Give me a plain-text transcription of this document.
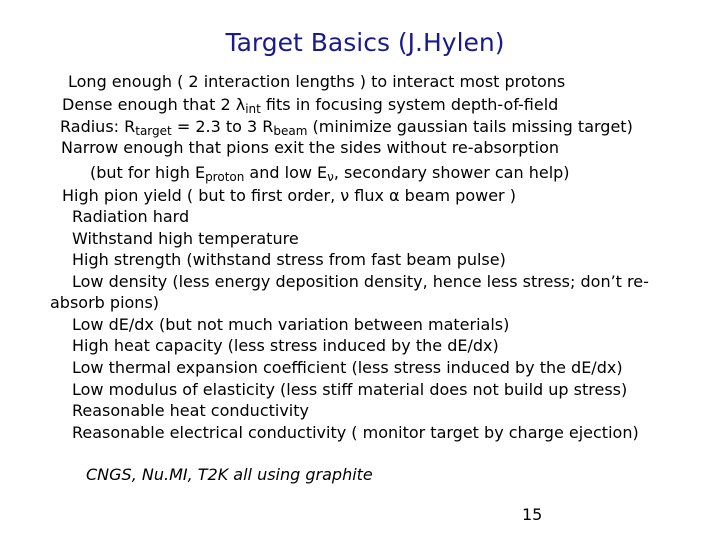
Target Basics (J.Hylen)
Long enough ( 2 interaction lengths ) to interact most protons
Dense enough that 2 λint fits in focusing system depth-of-field
Radius: Rtarget = 2.3 to 3 Rbeam (minimize gaussian tails missing target)
Narrow enough that pions exit the sides without re-absorption
(but for high Eproton and low Eν, secondary shower can help)
High pion yield ( but to first order, ν flux α beam power )
Radiation hard
Withstand high temperature
High strength (withstand stress from fast beam pulse)
Low density (less energy deposition density, hence less stress; don’t re-
absorb pions)
Low dE/dx (but not much variation between materials)
High heat capacity (less stress induced by the dE/dx)
Low thermal expansion coefficient (less stress induced by the dE/dx)
Low modulus of elasticity (less stiff material does not build up stress)
Reasonable heat conductivity
Reasonable electrical conductivity ( monitor target by charge ejection)
CNGS, Nu.MI, T2K all using graphite
15
